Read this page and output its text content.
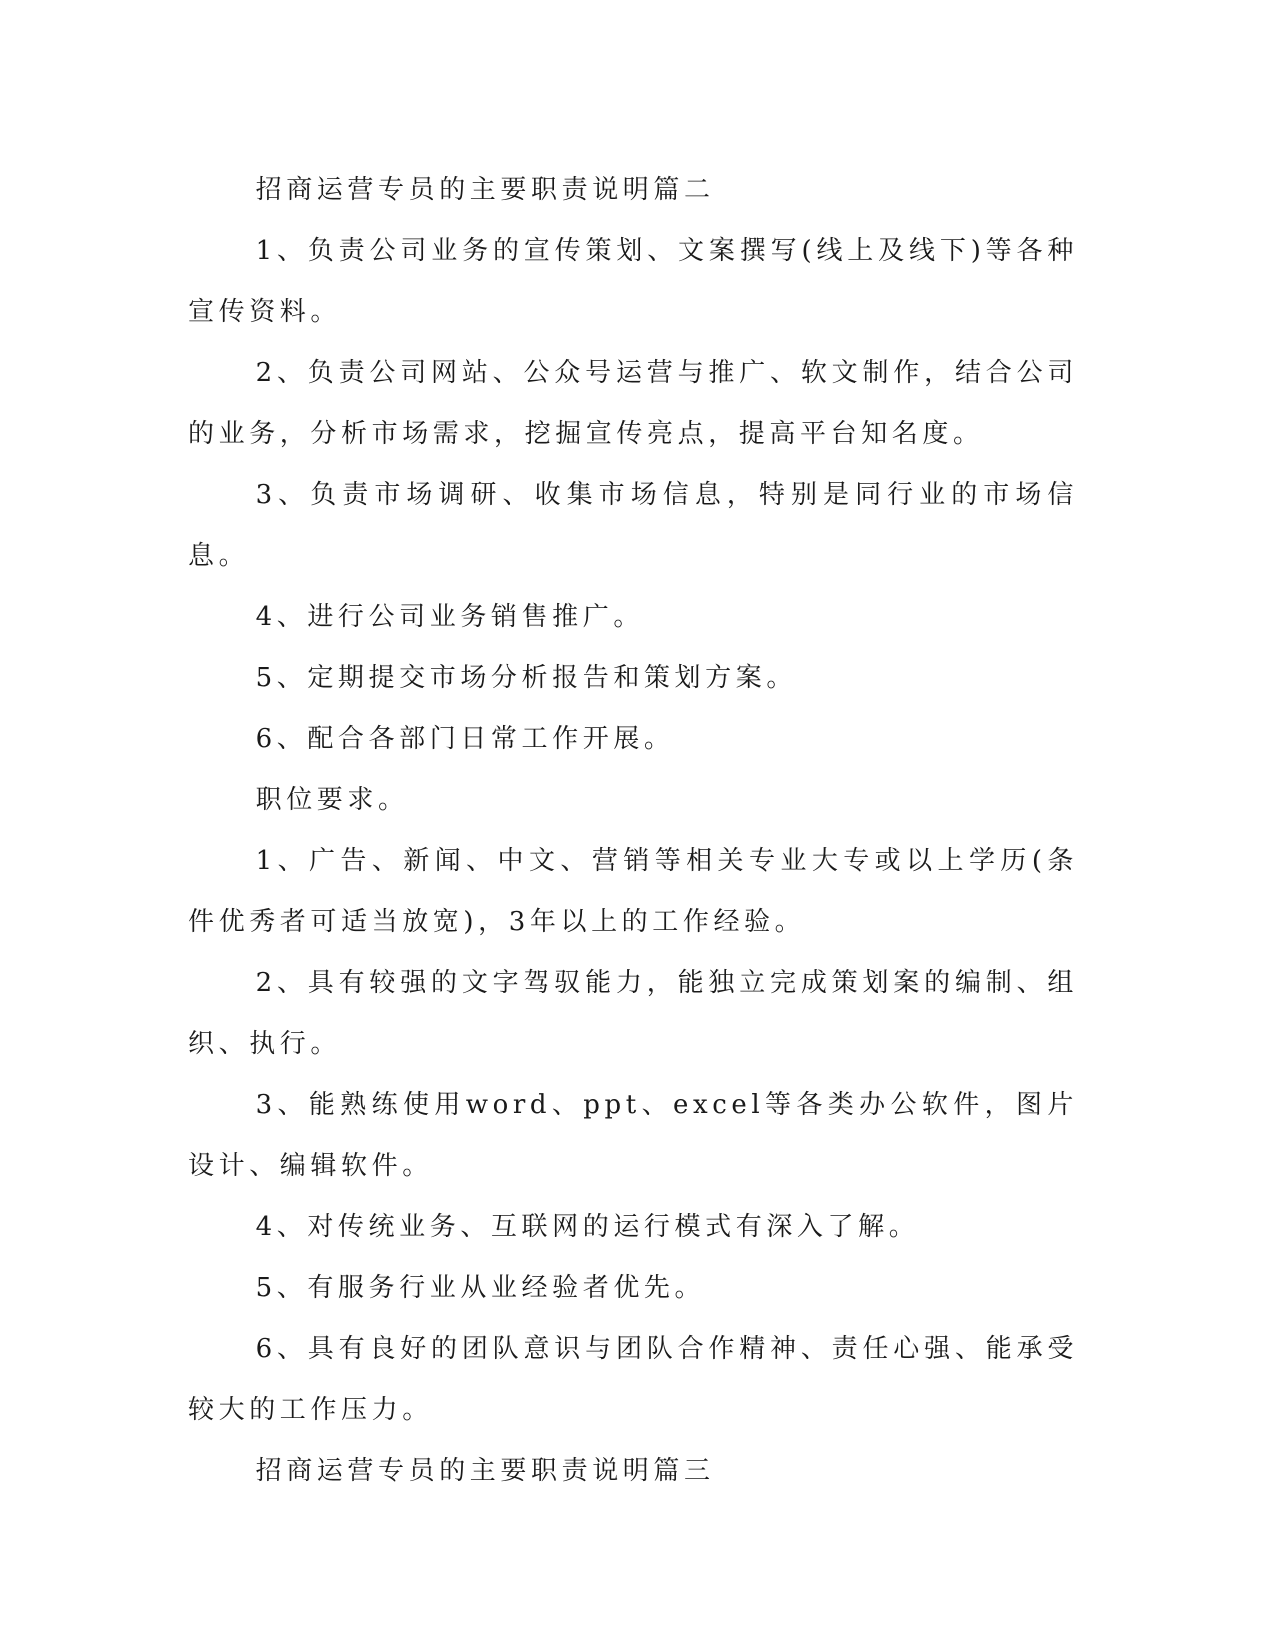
招商运营专员的主要职责说明篇二

1、负责公司业务的宣传策划、文案撰写(线上及线下)等各种宣传资料。

2、负责公司网站、公众号运营与推广、软文制作，结合公司的业务，分析市场需求，挖掘宣传亮点，提高平台知名度。

3、负责市场调研、收集市场信息，特别是同行业的市场信息。

4、进行公司业务销售推广。

5、定期提交市场分析报告和策划方案。

6、配合各部门日常工作开展。

职位要求。

1、广告、新闻、中文、营销等相关专业大专或以上学历(条件优秀者可适当放宽)，3年以上的工作经验。

2、具有较强的文字驾驭能力，能独立完成策划案的编制、组织、执行。

3、能熟练使用word、ppt、excel等各类办公软件，图片设计、编辑软件。

4、对传统业务、互联网的运行模式有深入了解。

5、有服务行业从业经验者优先。

6、具有良好的团队意识与团队合作精神、责任心强、能承受较大的工作压力。

招商运营专员的主要职责说明篇三
